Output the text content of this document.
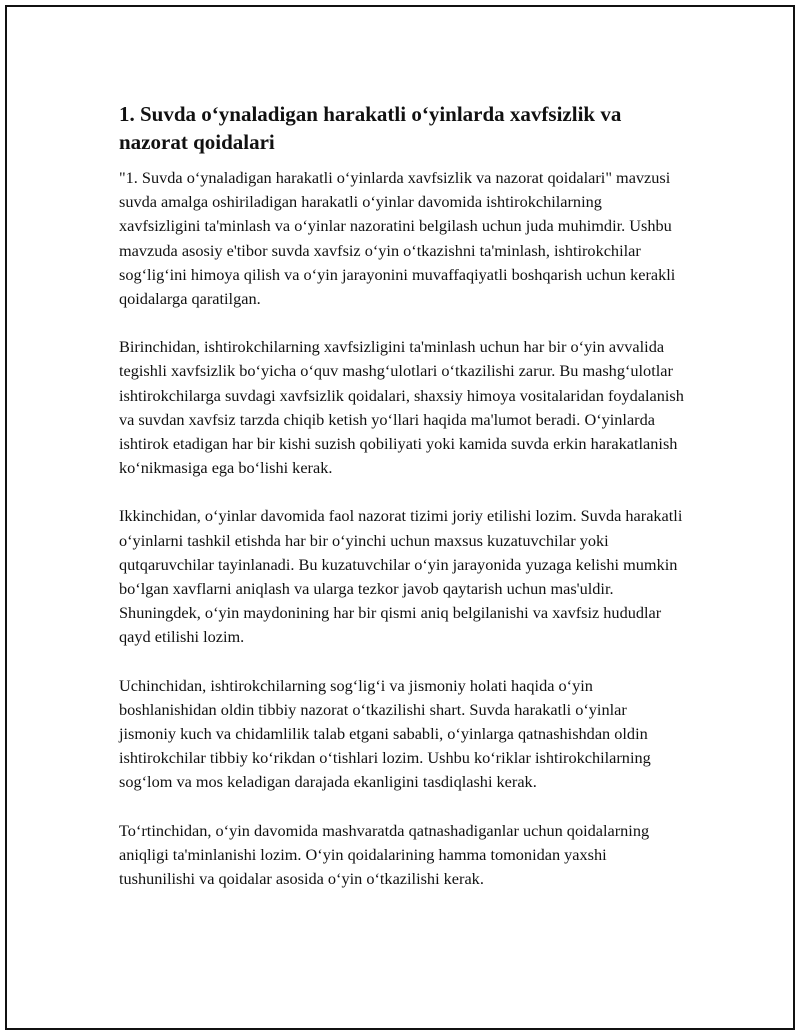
1. Suvda o‘ynaladigan harakatli o‘yinlarda xavfsizlik va nazorat qoidalari

"1. Suvda o‘ynaladigan harakatli o‘yinlarda xavfsizlik va nazorat qoidalari" mavzusi suvda amalga oshiriladigan harakatli o‘yinlar davomida ishtirokchilarning xavfsizligini ta'minlash va o‘yinlar nazoratini belgilash uchun juda muhimdir. Ushbu mavzuda asosiy e'tibor suvda xavfsiz o‘yin o‘tkazishni ta'minlash, ishtirokchilar sog‘lig‘ini himoya qilish va o‘yin jarayonini muvaffaqiyatli boshqarish uchun kerakli qoidalarga qaratilgan.

Birinchidan, ishtirokchilarning xavfsizligini ta'minlash uchun har bir o‘yin avvalida tegishli xavfsizlik bo‘yicha o‘quv mashg‘ulotlari o‘tkazilishi zarur. Bu mashg‘ulotlar ishtirokchilarga suvdagi xavfsizlik qoidalari, shaxsiy himoya vositalaridan foydalanish va suvdan xavfsiz tarzda chiqib ketish yo‘llari haqida ma'lumot beradi. O‘yinlarda ishtirok etadigan har bir kishi suzish qobiliyati yoki kamida suvda erkin harakatlanish ko‘nikmasiga ega bo‘lishi kerak.

Ikkinchidan, o‘yinlar davomida faol nazorat tizimi joriy etilishi lozim. Suvda harakatli o‘yinlarni tashkil etishda har bir o‘yinchi uchun maxsus kuzatuvchilar yoki qutqaruvchilar tayinlanadi. Bu kuzatuvchilar o‘yin jarayonida yuzaga kelishi mumkin bo‘lgan xavflarni aniqlash va ularga tezkor javob qaytarish uchun mas'uldir. Shuningdek, o‘yin maydonining har bir qismi aniq belgilanishi va xavfsiz hududlar qayd etilishi lozim.

Uchinchidan, ishtirokchilarning sog‘lig‘i va jismoniy holati haqida o‘yin boshlanishidan oldin tibbiy nazorat o‘tkazilishi shart. Suvda harakatli o‘yinlar jismoniy kuch va chidamlilik talab etgani sababli, o‘yinlarga qatnashishdan oldin ishtirokchilar tibbiy ko‘rikdan o‘tishlari lozim. Ushbu ko‘riklar ishtirokchilarning sog‘lom va mos keladigan darajada ekanligini tasdiqlashi kerak.

To‘rtinchidan, o‘yin davomida mashvaratda qatnashadiganlar uchun qoidalarning aniqligi ta'minlanishi lozim. O‘yin qoidalarining hamma tomonidan yaxshi tushunilishi va qoidalar asosida o‘yin o‘tkazilishi kerak.
